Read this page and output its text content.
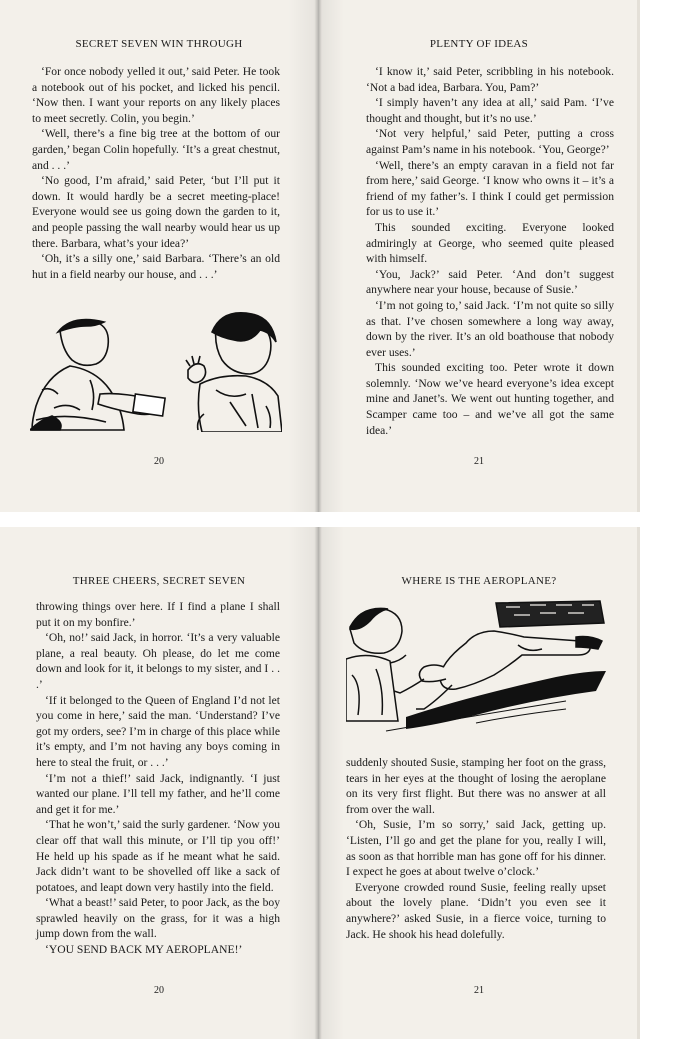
SECRET SEVEN WIN THROUGH

‘For once nobody yelled it out,’ said Peter. He took a notebook out of his pocket, and licked his pencil. ‘Now then. I want your reports on any likely places to meet secretly. Colin, you begin.’

‘Well, there’s a fine big tree at the bottom of our garden,’ began Colin hopefully. ‘It’s a great chestnut, and . . .’

‘No good, I’m afraid,’ said Peter, ‘but I’ll put it down. It would hardly be a secret meeting-place! Everyone would see us going down the garden to it, and people passing the wall nearby would hear us up there. Barbara, what’s your idea?’

‘Oh, it’s a silly one,’ said Barbara. ‘There’s an old hut in a field nearby our house, and . . .’

20
PLENTY OF IDEAS

‘I know it,’ said Peter, scribbling in his notebook. ‘Not a bad idea, Barbara. You, Pam?’

‘I simply haven’t any idea at all,’ said Pam. ‘I’ve thought and thought, but it’s no use.’

‘Not very helpful,’ said Peter, putting a cross against Pam’s name in his notebook. ‘You, George?’

‘Well, there’s an empty caravan in a field not far from here,’ said George. ‘I know who owns it – it’s a friend of my father’s. I think I could get permission for us to use it.’

This sounded exciting. Everyone looked admiringly at George, who seemed quite pleased with himself.

‘You, Jack?’ said Peter. ‘And don’t suggest anywhere near your house, because of Susie.’

‘I’m not going to,’ said Jack. ‘I’m not quite so silly as that. I’ve chosen somewhere a long way away, down by the river. It’s an old boathouse that nobody ever uses.’

This sounded exciting too. Peter wrote it down solemnly. ‘Now we’ve heard everyone’s idea except mine and Janet’s. We went out hunting together, and Scamper came too – and we’ve all got the same idea.’

21
THREE CHEERS, SECRET SEVEN

throwing things over here. If I find a plane I shall put it on my bonfire.’

‘Oh, no!’ said Jack, in horror. ‘It’s a very valuable plane, a real beauty. Oh please, do let me come down and look for it, it belongs to my sister, and I . . .’

‘If it belonged to the Queen of England I’d not let you come in here,’ said the man. ‘Understand? I’ve got my orders, see? I’m in charge of this place while it’s empty, and I’m not having any boys coming in here to steal the fruit, or . . .’

‘I’m not a thief!’ said Jack, indignantly. ‘I just wanted our plane. I’ll tell my father, and he’ll come and get it for me.’

‘That he won’t,’ said the surly gardener. ‘Now you clear off that wall this minute, or I’ll tip you off!’ He held up his spade as if he meant what he said. Jack didn’t want to be shovelled off like a sack of potatoes, and leapt down very hastily into the field.

‘What a beast!’ said Peter, to poor Jack, as the boy sprawled heavily on the grass, for it was a high jump down from the wall.

‘YOU SEND BACK MY AEROPLANE!’

20
WHERE IS THE AEROPLANE?

suddenly shouted Susie, stamping her foot on the grass, tears in her eyes at the thought of losing the aeroplane on its very first flight. But there was no answer at all from over the wall.

‘Oh, Susie, I’m so sorry,’ said Jack, getting up. ‘Listen, I’ll go and get the plane for you, really I will, as soon as that horrible man has gone off for his dinner. I expect he goes at about twelve o’clock.’

Everyone crowded round Susie, feeling really upset about the lovely plane. ‘Didn’t you even see it anywhere?’ asked Susie, in a fierce voice, turning to Jack. He shook his head dolefully.

21
